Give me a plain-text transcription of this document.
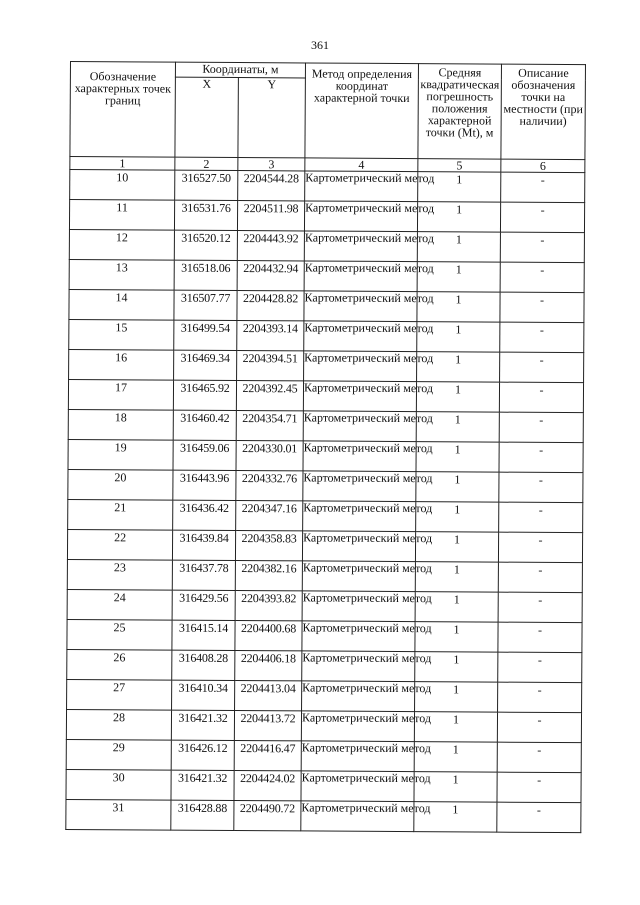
361
Обозначение характерных точек границ	Координаты, м		Метод определения координат характерной точки	Средняя квадратическая погрешность положения характерной точки (Mt), м	Описание обозначения точки на местности (при наличии)
	X	Y			
1	2	3	4	5	6
10	316527.50	2204544.28	Картометрический метод	1	-
11	316531.76	2204511.98	Картометрический метод	1	-
12	316520.12	2204443.92	Картометрический метод	1	-
13	316518.06	2204432.94	Картометрический метод	1	-
14	316507.77	2204428.82	Картометрический метод	1	-
15	316499.54	2204393.14	Картометрический метод	1	-
16	316469.34	2204394.51	Картометрический метод	1	-
17	316465.92	2204392.45	Картометрический метод	1	-
18	316460.42	2204354.71	Картометрический метод	1	-
19	316459.06	2204330.01	Картометрический метод	1	-
20	316443.96	2204332.76	Картометрический метод	1	-
21	316436.42	2204347.16	Картометрический метод	1	-
22	316439.84	2204358.83	Картометрический метод	1	-
23	316437.78	2204382.16	Картометрический метод	1	-
24	316429.56	2204393.82	Картометрический метод	1	-
25	316415.14	2204400.68	Картометрический метод	1	-
26	316408.28	2204406.18	Картометрический метод	1	-
27	316410.34	2204413.04	Картометрический метод	1	-
28	316421.32	2204413.72	Картометрический метод	1	-
29	316426.12	2204416.47	Картометрический метод	1	-
30	316421.32	2204424.02	Картометрический метод	1	-
31	316428.88	2204490.72	Картометрический метод	1	-
